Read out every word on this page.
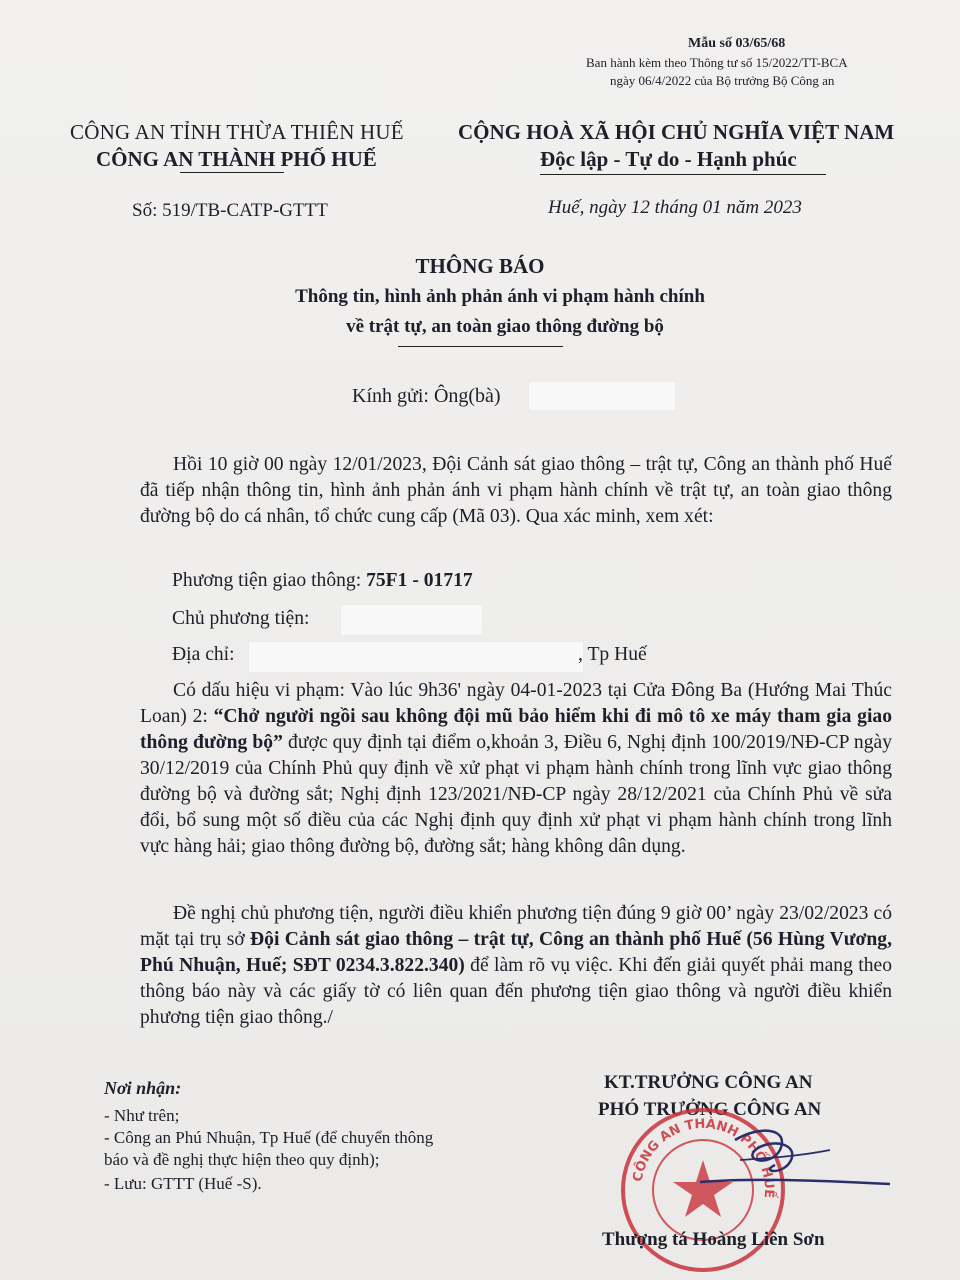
Mẫu số 03/65/68
Ban hành kèm theo Thông tư số 15/2022/TT-BCA
ngày 06/4/2022 của Bộ trưởng Bộ Công an
CÔNG AN TỈNH THỪA THIÊN HUẾ
CÔNG AN THÀNH PHỐ HUẾ
CỘNG HOÀ XÃ HỘI CHỦ NGHĨA VIỆT NAM
Độc lập - Tự do - Hạnh phúc
Số: 519/TB-CATP-GTTT	Huế, ngày 12 tháng 01 năm 2023
THÔNG BÁO
Thông tin, hình ảnh phản ánh vi phạm hành chính
về trật tự, an toàn giao thông đường bộ
Kính gửi: Ông(bà)
Hồi 10 giờ 00 ngày 12/01/2023, Đội Cảnh sát giao thông – trật tự, Công an thành phố Huế đã tiếp nhận thông tin, hình ảnh phản ánh vi phạm hành chính về trật tự, an toàn giao thông đường bộ do cá nhân, tổ chức cung cấp (Mã 03). Qua xác minh, xem xét:
Phương tiện giao thông: 75F1 - 01717
Chủ phương tiện:
Địa chỉ:	, Tp Huế
Có dấu hiệu vi phạm: Vào lúc 9h36' ngày 04-01-2023 tại Cửa Đông Ba (Hướng Mai Thúc Loan) 2: “Chở người ngồi sau không đội mũ bảo hiểm khi đi mô tô xe máy tham gia giao thông đường bộ” được quy định tại điểm o,khoản 3, Điều 6, Nghị định 100/2019/NĐ-CP ngày 30/12/2019 của Chính Phủ quy định về xử phạt vi phạm hành chính trong lĩnh vực giao thông đường bộ và đường sắt; Nghị định 123/2021/NĐ-CP ngày 28/12/2021 của Chính Phủ về sửa đổi, bổ sung một số điều của các Nghị định quy định xử phạt vi phạm hành chính trong lĩnh vực hàng hải; giao thông đường bộ, đường sắt; hàng không dân dụng.
Đề nghị chủ phương tiện, người điều khiển phương tiện đúng 9 giờ 00’ ngày 23/02/2023 có mặt tại trụ sở Đội Cảnh sát giao thông – trật tự, Công an thành phố Huế (56 Hùng Vương, Phú Nhuận, Huế; SĐT 0234.3.822.340) để làm rõ vụ việc. Khi đến giải quyết phải mang theo thông báo này và các giấy tờ có liên quan đến phương tiện giao thông và người điều khiển phương tiện giao thông./
Nơi nhận:
- Như trên;
- Công an Phú Nhuận, Tp Huế (để chuyển thông
báo và đề nghị thực hiện theo quy định);
- Lưu: GTTT (Huế -S).
KT.TRƯỞNG CÔNG AN
PHÓ TRƯỞNG CÔNG AN
CÔNG AN THÀNH PHỐ HUẾ
Thượng tá Hoàng Liên Sơn
